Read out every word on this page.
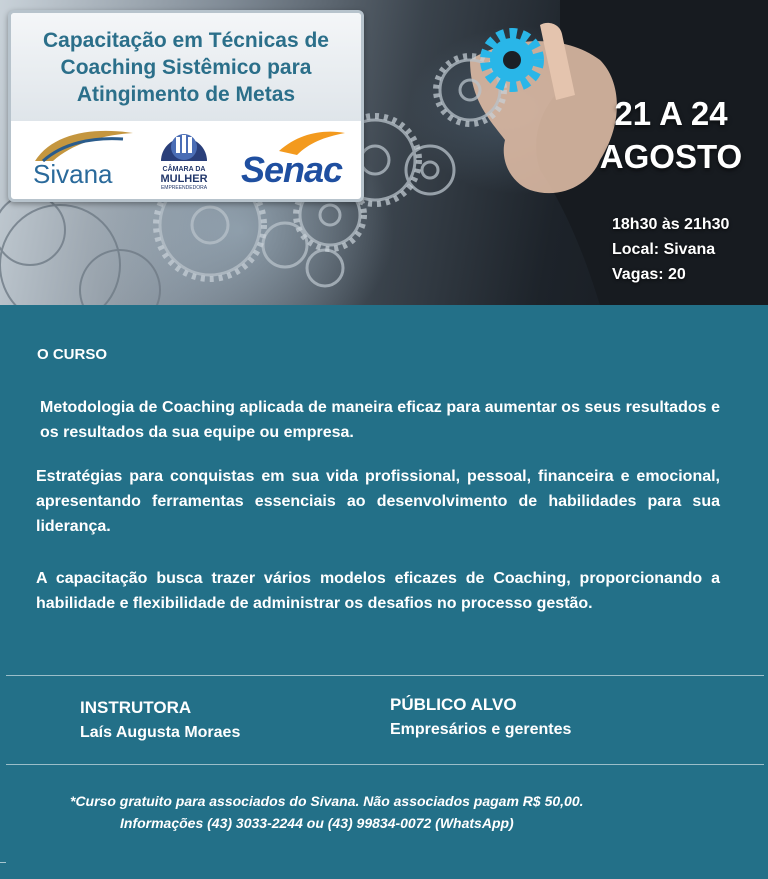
Capacitação em Técnicas de
Coaching Sistêmico para
Atingimento de Metas
Sivana	CÂMARA DA
MULHER
EMPREENDEDORA Senac
21 A 24
AGOSTO
18h30 às 21h30
Local: Sivana
Vagas: 20
O CURSO
Metodologia de Coaching aplicada de maneira eficaz para aumentar os seus resultados e os resultados da sua equipe ou empresa.
Estratégias para conquistas em sua vida profissional, pessoal, financeira e emocional, apresentando ferramentas essenciais ao desenvolvimento de habilidades para sua liderança.
A capacitação busca trazer vários modelos eficazes de Coaching, proporcionando a habilidade e flexibilidade de administrar os desafios no processo gestão.
INSTRUTORA
Laís Augusta Moraes
PÚBLICO ALVO
Empresários e gerentes
*Curso gratuito para associados do Sivana. Não associados pagam R$ 50,00.
Informações (43) 3033-2244 ou (43) 99834-0072 (WhatsApp)
